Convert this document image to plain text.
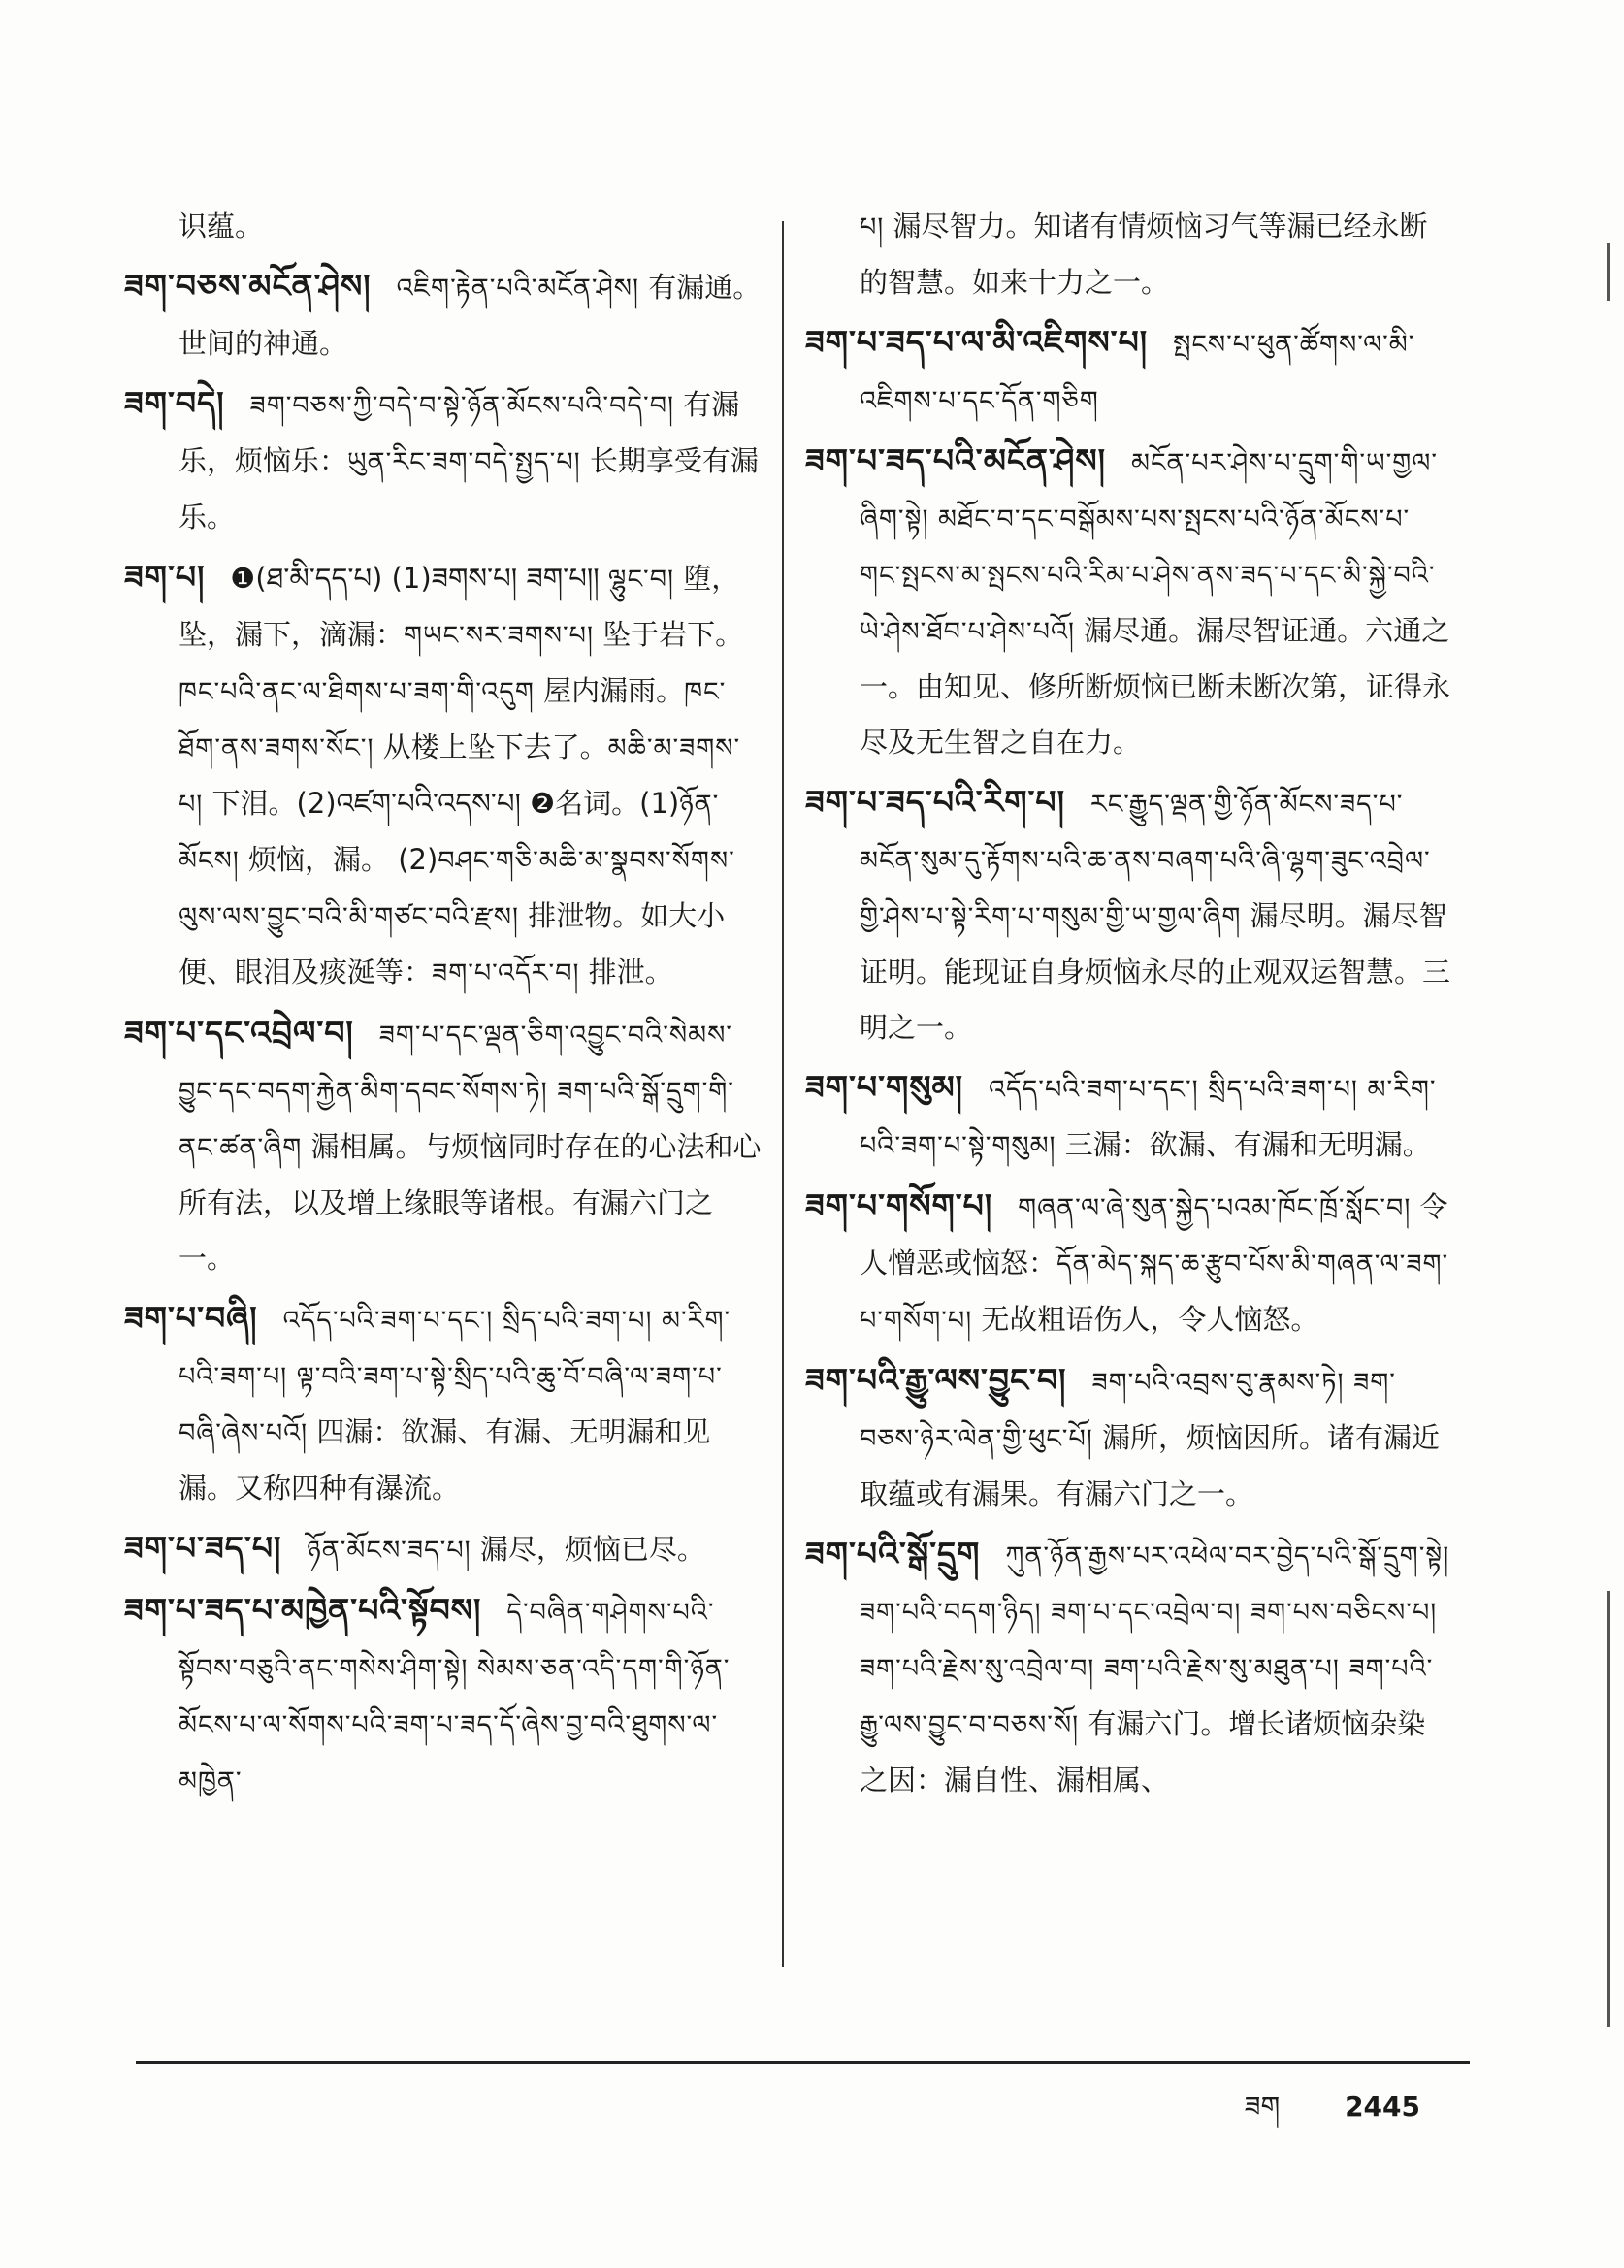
识蕴。
ཟག་བཅས་མངོན་ཤེས། འཇིག་རྟེན་པའི་མངོན་ཤེས། 有漏通。世间的神通。
ཟག་བདེ། ཟག་བཅས་ཀྱི་བདེ་བ་སྟེ་ཉོན་མོངས་པའི་བདེ་བ། 有漏乐，烦恼乐：ཡུན་རིང་ཟག་བདེ་སྤྱད་པ། 长期享受有漏乐。
ཟག་པ། ❶(ཐ་མི་དད་པ) (1)ཟགས་པ། ཟག་པ།། ལྷུང་བ། 堕，坠，漏下，滴漏：གཡང་སར་ཟགས་པ། 坠于岩下。ཁང་པའི་ནང་ལ་ཐིགས་པ་ཟག་གི་འདུག 屋内漏雨。ཁང་ཐོག་ནས་ཟགས་སོང་། 从楼上坠下去了。མཆི་མ་ཟགས་པ། 下泪。(2)འཛག་པའི་འདས་པ། ❷名词。(1)ཉོན་མོངས། 烦恼，漏。 (2)བཤང་གཅི་མཆི་མ་སྣབས་སོགས་ལུས་ལས་བྱུང་བའི་མི་གཙང་བའི་རྫས། 排泄物。如大小便、眼泪及痰涎等：ཟག་པ་འདོར་བ། 排泄。
ཟག་པ་དང་འབྲེལ་བ། ཟག་པ་དང་ལྡན་ཅིག་འབྱུང་བའི་སེམས་བྱུང་དང་བདག་རྐྱེན་མིག་དབང་སོགས་ཏེ། ཟག་པའི་སྒོ་དྲུག་གི་ནང་ཚན་ཞིག 漏相属。与烦恼同时存在的心法和心所有法，以及增上缘眼等诸根。有漏六门之一。
ཟག་པ་བཞི། འདོད་པའི་ཟག་པ་དང་། སྲིད་པའི་ཟག་པ། མ་རིག་པའི་ཟག་པ། ལྟ་བའི་ཟག་པ་སྟེ་སྲིད་པའི་ཆུ་བོ་བཞི་ལ་ཟག་པ་བཞི་ཞེས་པའོ། 四漏：欲漏、有漏、无明漏和见漏。又称四种有瀑流。
ཟག་པ་ཟད་པ། ཉོན་མོངས་ཟད་པ། 漏尽，烦恼已尽。
ཟག་པ་ཟད་པ་མཁྱེན་པའི་སྟོབས། དེ་བཞིན་གཤེགས་པའི་སྟོབས་བཅུའི་ནང་གསེས་ཤིག་སྟེ། སེམས་ཅན་འདི་དག་གི་ཉོན་མོངས་པ་ལ་སོགས་པའི་ཟག་པ་ཟད་དོ་ཞེས་བྱ་བའི་ཐུགས་ལ་མཁྱེན་
པ། 漏尽智力。知诸有情烦恼习气等漏已经永断的智慧。如来十力之一。
ཟག་པ་ཟད་པ་ལ་མི་འཇིགས་པ། སྤངས་པ་ཕུན་ཚོགས་ལ་མི་འཇིགས་པ་དང་དོན་གཅིག
ཟག་པ་ཟད་པའི་མངོན་ཤེས། མངོན་པར་ཤེས་པ་དྲུག་གི་ཡ་གྱལ་ཞིག་སྟེ། མཐོང་བ་དང་བསྒོམས་པས་སྤངས་པའི་ཉོན་མོངས་པ་གང་སྤངས་མ་སྤངས་པའི་རིམ་པ་ཤེས་ནས་ཟད་པ་དང་མི་སྐྱེ་བའི་ཡེ་ཤེས་ཐོབ་པ་ཤེས་པའོ། 漏尽通。漏尽智证通。六通之一。由知见、修所断烦恼已断未断次第，证得永尽及无生智之自在力。
ཟག་པ་ཟད་པའི་རིག་པ། རང་རྒྱུད་ལྡན་གྱི་ཉོན་མོངས་ཟད་པ་མངོན་སུམ་དུ་རྟོགས་པའི་ཆ་ནས་བཞག་པའི་ཞི་ལྷག་ཟུང་འབྲེལ་གྱི་ཤེས་པ་སྟེ་རིག་པ་གསུམ་གྱི་ཡ་གྱལ་ཞིག 漏尽明。漏尽智证明。能现证自身烦恼永尽的止观双运智慧。三明之一。
ཟག་པ་གསུམ། འདོད་པའི་ཟག་པ་དང་། སྲིད་པའི་ཟག་པ། མ་རིག་པའི་ཟག་པ་སྟེ་གསུམ། 三漏：欲漏、有漏和无明漏。
ཟག་པ་གསོག་པ། གཞན་ལ་ཞེ་སུན་སྐྱེད་པའམ་ཁོང་ཁྲོ་སློང་བ། 令人憎恶或恼怒：དོན་མེད་སྐད་ཆ་རྩུབ་པོས་མི་གཞན་ལ་ཟག་པ་གསོག་པ། 无故粗语伤人，令人恼怒。
ཟག་པའི་རྒྱུ་ལས་བྱུང་བ། ཟག་པའི་འབྲས་བུ་རྣམས་ཏེ། ཟག་བཅས་ཉེར་ལེན་གྱི་ཕུང་པོ། 漏所，烦恼因所。诸有漏近取蕴或有漏果。有漏六门之一。
ཟག་པའི་སྒོ་དྲུག ཀུན་ཉོན་རྒྱས་པར་འཕེལ་བར་བྱེད་པའི་སྒོ་དྲུག་སྟེ། ཟག་པའི་བདག་ཉིད། ཟག་པ་དང་འབྲེལ་བ། ཟག་པས་བཅིངས་པ། ཟག་པའི་རྗེས་སུ་འབྲེལ་བ། ཟག་པའི་རྗེས་སུ་མཐུན་པ། ཟག་པའི་རྒྱུ་ལས་བྱུང་བ་བཅས་སོ། 有漏六门。增长诸烦恼杂染之因：漏自性、漏相属、
ཟག 2445
